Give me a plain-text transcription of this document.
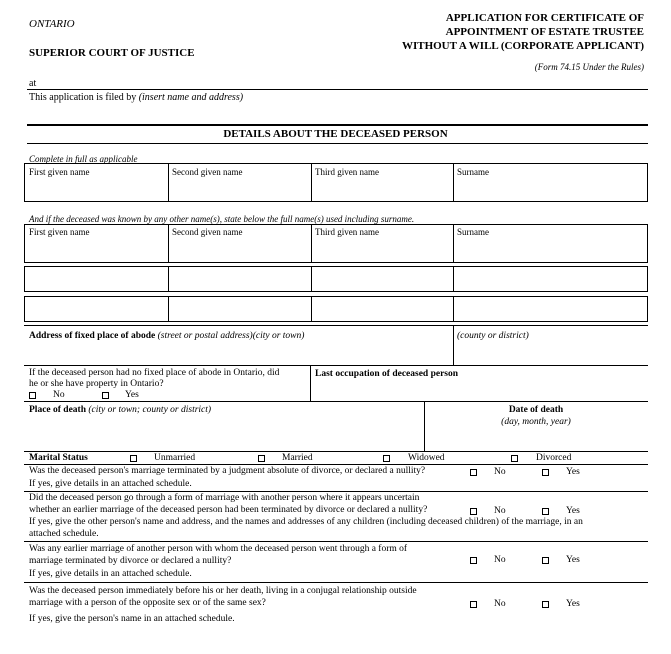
ONTARIO
SUPERIOR COURT OF JUSTICE
APPLICATION FOR CERTIFICATE OF
APPOINTMENT OF ESTATE TRUSTEE
WITHOUT A WILL (CORPORATE APPLICANT)
(Form 74.15 Under the Rules)
at
This application is filed by (insert name and address)
DETAILS ABOUT THE DECEASED PERSON
Complete in full as applicable
First given name	Second given name	Third given name	Surname
And if the deceased was known by any other name(s), state below the full name(s) used including surname.
First given name	Second given name	Third given name	Surname
Address of fixed place of abode (street or postal address)(city or town)	(county or district)
If the deceased person had no fixed place of abode in Ontario, did
he or she have property in Ontario?
No	Yes
Last occupation of deceased person
Place of death (city or town; county or district)	Date of death
(day, month, year)
Marital Status	Unmarried	Married	Widowed	Divorced
Was the deceased person's marriage terminated by a judgment absolute of divorce, or declared a nullity?
If yes, give details in an attached schedule.
No	Yes
Did the deceased person go through a form of marriage with another person where it appears uncertain
whether an earlier marriage of the deceased person had been terminated by divorce or declared a nullity?
If yes, give the other person's name and address, and the names and addresses of any children (including deceased children) of the marriage, in an
attached schedule.
No	Yes
Was any earlier marriage of another person with whom the deceased person went through a form of
marriage terminated by divorce or declared a nullity?
If yes, give details in an attached schedule.
No	Yes
Was the deceased person immediately before his or her death, living in a conjugal relationship outside
marriage with a person of the opposite sex or of the same sex?
If yes, give the person's name in an attached schedule.
No	Yes
